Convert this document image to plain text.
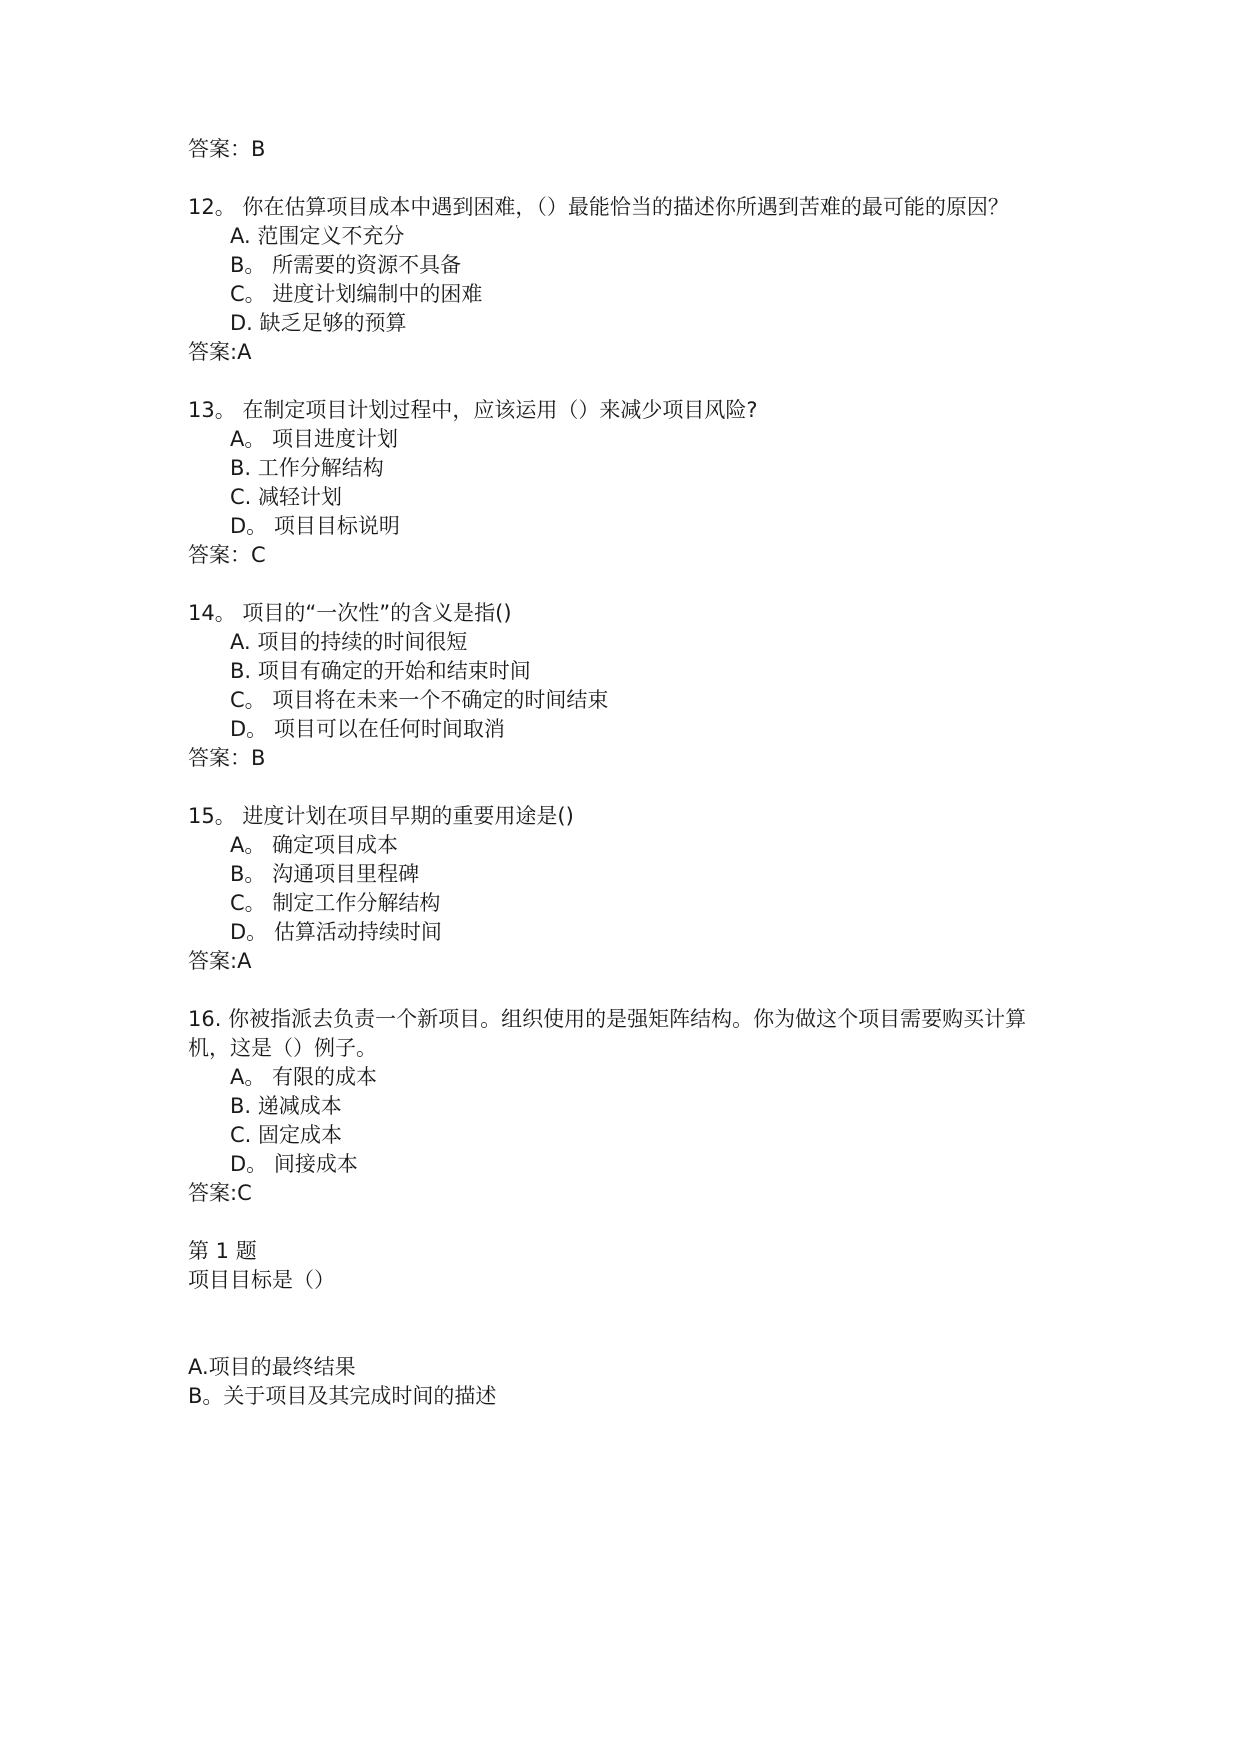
答案：B
12。 你在估算项目成本中遇到困难，（）最能恰当的描述你所遇到苦难的最可能的原因？
A. 范围定义不充分
B。 所需要的资源不具备
C。 进度计划编制中的困难
D. 缺乏足够的预算
答案:A
13。 在制定项目计划过程中，应该运用（）来减少项目风险?
A。 项目进度计划
B. 工作分解结构
C. 减轻计划
D。 项目目标说明
答案：C
14。 项目的“一次性”的含义是指()
A. 项目的持续的时间很短
B. 项目有确定的开始和结束时间
C。 项目将在未来一个不确定的时间结束
D。 项目可以在任何时间取消
答案：B
15。 进度计划在项目早期的重要用途是()
A。 确定项目成本
B。 沟通项目里程碑
C。 制定工作分解结构
D。 估算活动持续时间
答案:A
16. 你被指派去负责一个新项目。组织使用的是强矩阵结构。你为做这个项目需要购买计算
机，这是（）例子。
A。 有限的成本
B. 递减成本
C. 固定成本
D。 间接成本
答案:C
第 1 题
项目目标是（）
A.项目的最终结果
B。关于项目及其完成时间的描述
